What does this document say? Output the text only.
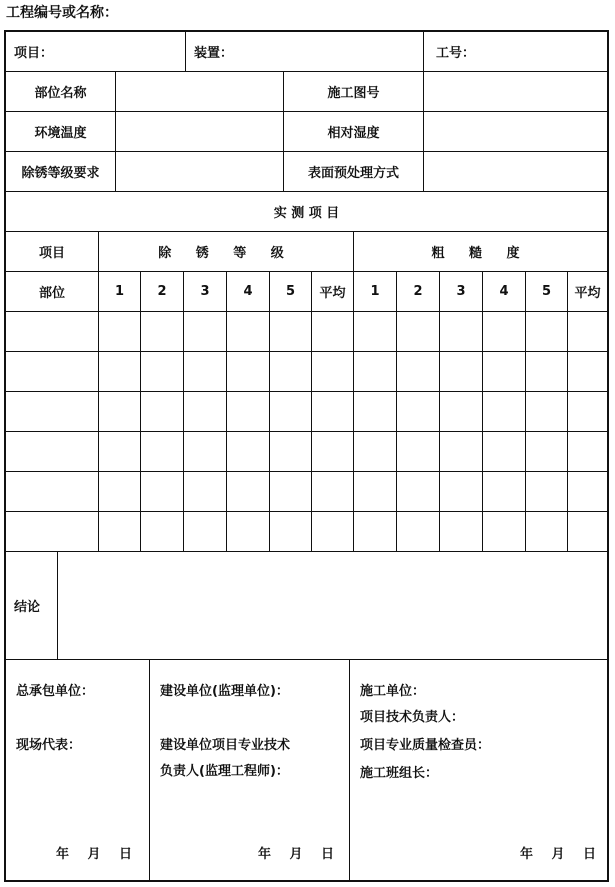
工程编号或名称：
项目：	装置：	工号：
部位名称	施工图号
环境温度	相对湿度
除锈等级要求	表面预处理方式
实 测 项 目
项目	除 锈 等 级	粗 糙 度
部位	1	2	3	4	5	平均	1	2	3	4	5	平均
结论
总承包单位：
现场代表：
年 月 日
建设单位(监理单位)：
建设单位项目专业技术
负责人(监理工程师)：
年 月 日
施工单位：
项目技术负责人：
项目专业质量检查员：
施工班组长：
年 月 日
